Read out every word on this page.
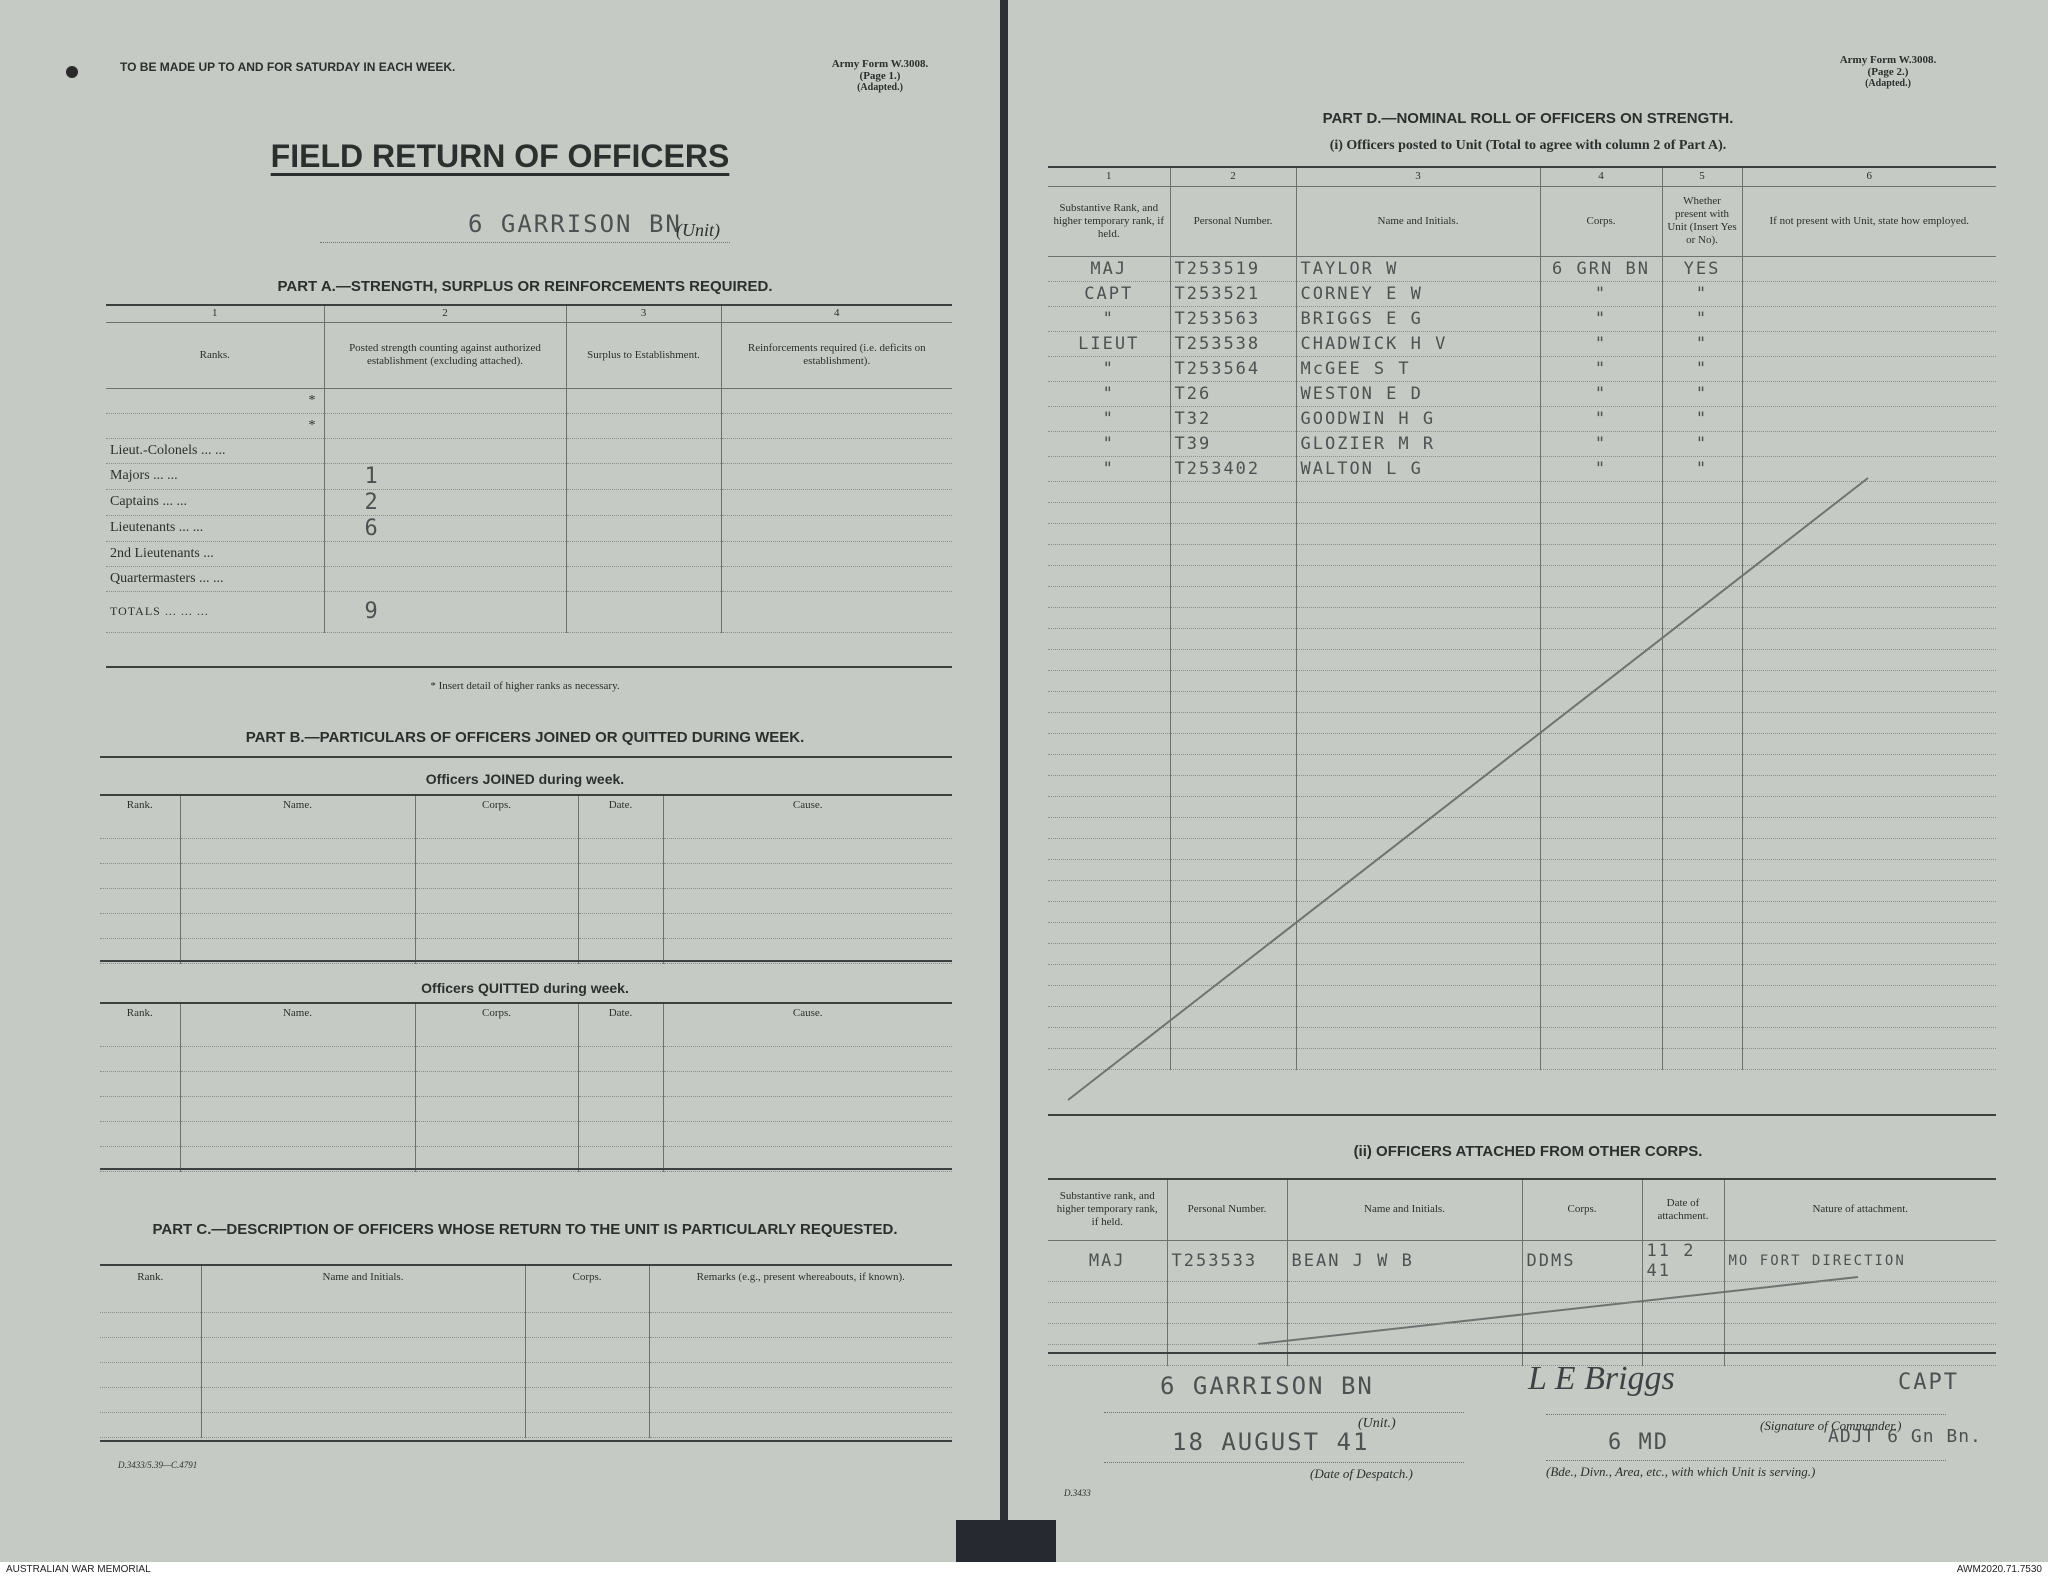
TO BE MADE UP TO AND FOR SATURDAY IN EACH WEEK.	Army Form W.3008.
(Page 1.)
(Adapted.)
FIELD RETURN OF OFFICERS
6 GARRISON BN
(Unit)
PART A.—STRENGTH, SURPLUS OR REINFORCEMENTS REQUIRED.
1	2	3	4
Ranks.	Posted strength counting against authorized establishment (excluding attached).	Surplus to Establishment.	Reinforcements required (i.e. deficits on establishment).
*			
*			
Lieut.-Colonels ... ...			
Majors ... ...	1		
Captains ... ...	2		
Lieutenants ... ...	6		
2nd Lieutenants ...			
Quartermasters ... ...			
TOTALS ... ... ...	9		
* Insert detail of higher ranks as necessary.
PART B.—PARTICULARS OF OFFICERS JOINED OR QUITTED DURING WEEK.
Officers JOINED during week.
Rank.	Name.	Corps.	Date.	Cause.

Officers QUITTED during week.
Rank.	Name.	Corps.	Date.	Cause.

PART C.—DESCRIPTION OF OFFICERS WHOSE RETURN TO THE UNIT IS PARTICULARLY REQUESTED.
Rank.	Name and Initials.	Corps.	Remarks (e.g., present whereabouts, if known).

D.3433/5.39—C.4791
Army Form W.3008.
(Page 2.)
(Adapted.)
PART D.—NOMINAL ROLL OF OFFICERS ON STRENGTH.
(i) Officers posted to Unit (Total to agree with column 2 of Part A).
1	2	3	4	5	6
Substantive Rank, and higher temporary rank, if held.	Personal Number.	Name and Initials.	Corps.	Whether present with Unit (Insert Yes or No).	If not present with Unit, state how employed.
MAJ	T253519	TAYLOR W	6 GRN BN	YES	
CAPT	T253521	CORNEY E W	"	"	
"	T253563	BRIGGS E G	"	"	
LIEUT	T253538	CHADWICK H V	"	"	
"	T253564	McGEE S T	"	"	
"	T26	WESTON E D	"	"	
"	T32	GOODWIN H G	"	"	
"	T39	GLOZIER M R	"	"	
"	T253402	WALTON L G	"	"	

(ii) OFFICERS ATTACHED FROM OTHER CORPS.
Substantive rank, and higher temporary rank, if held.	Personal Number.	Name and Initials.	Corps.	Date of attachment.	Nature of attachment.
MAJ	T253533	BEAN J W B	DDMS	11 2 41	MO FORT DIRECTION

6 GARRISON BN
(Unit.)
L E Briggs	CAPT
(Signature of Commander.)
18 AUGUST 41
(Date of Despatch.)
6 MD	ADJT 6 Gn Bn.
(Bde., Divn., Area, etc., with which Unit is serving.)
D.3433
AUSTRALIAN WAR MEMORIAL	AWM2020.71.7530
